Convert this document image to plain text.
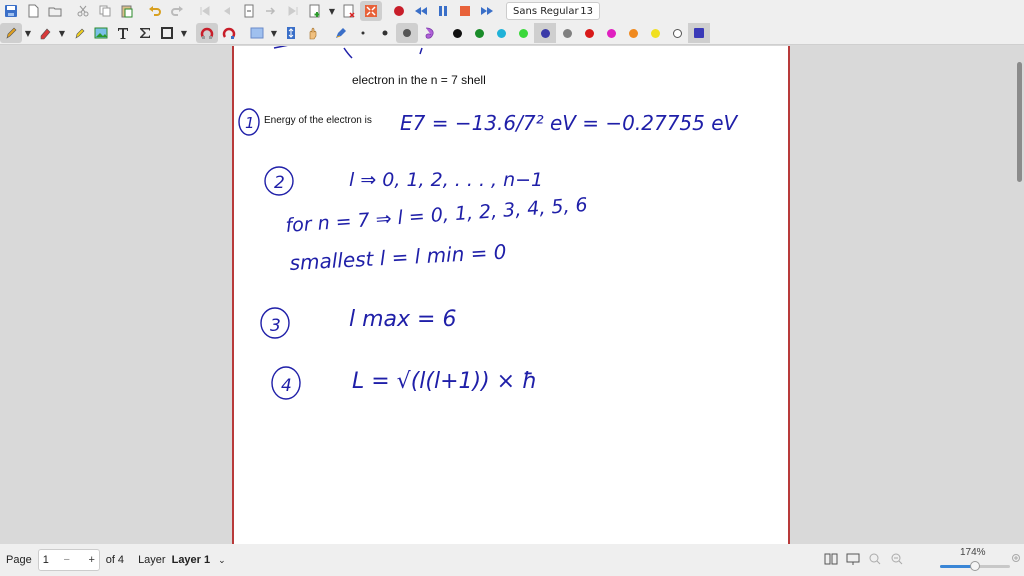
▼	Sans Regular 13
▼	▼	▼	▼
electron in the n = 7 shell
Energy of the electron is
1	E7 = −13.6/7² eV = −0.27755 eV
2	l ⇒ 0, 1, 2, . . . , n−1
for n = 7 ⇒ l = 0, 1, 2, 3, 4, 5, 6
smallest l = l min = 0
3	l max = 6
4	L = √(l(l+1)) × ħ
Page 1	−	+ of 4 Layer Layer 1 ⌄
174%
